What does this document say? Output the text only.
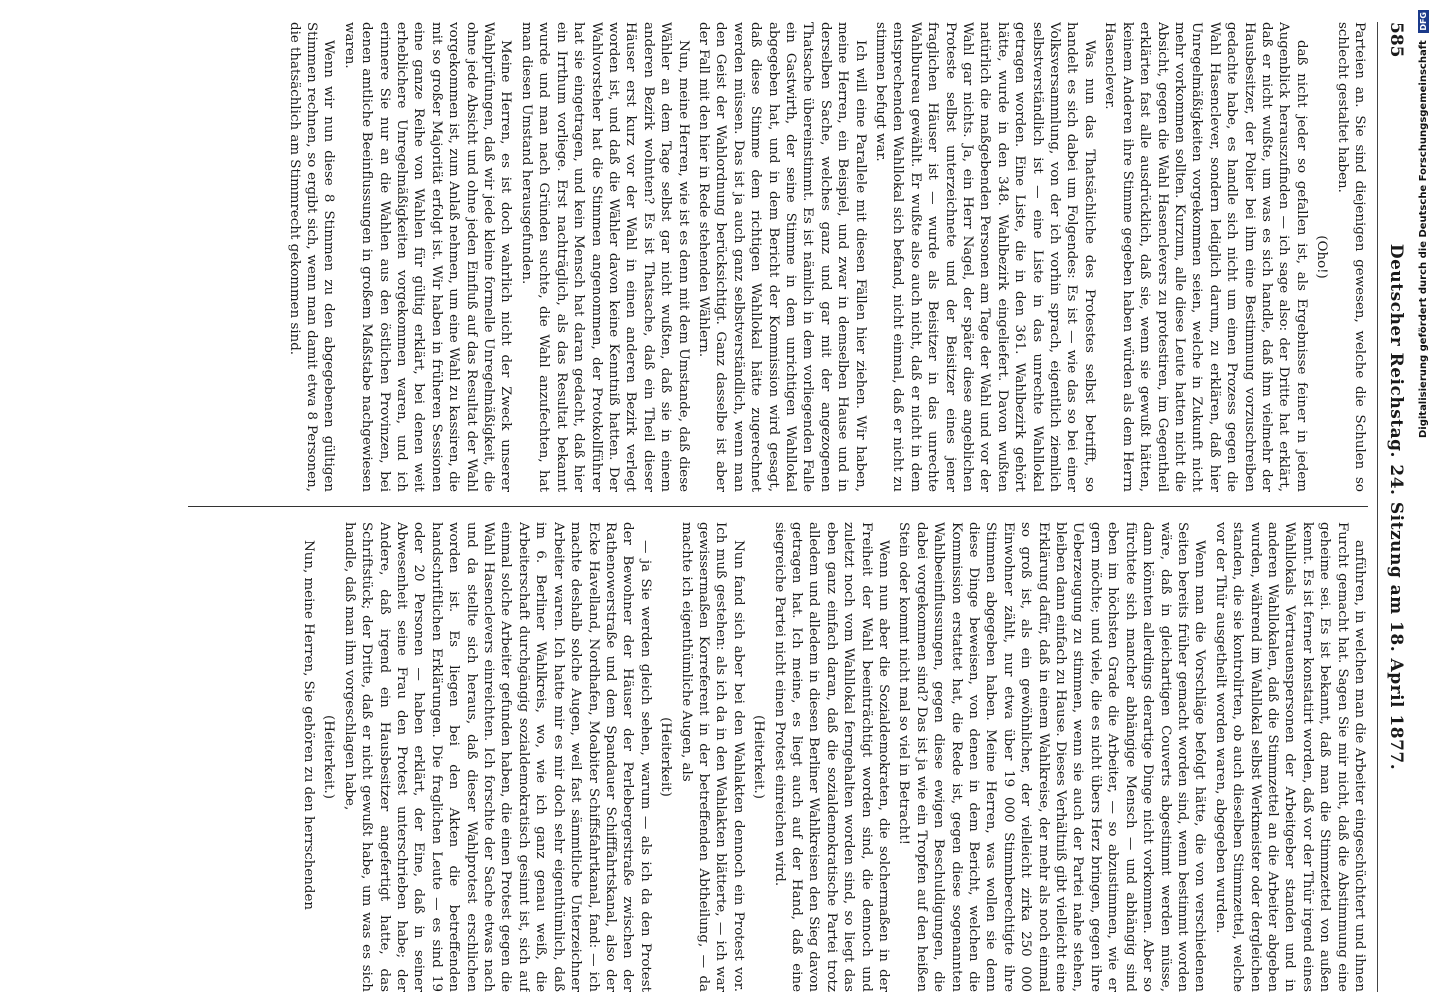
Deutscher Reichstag. 24. Sitzung am 18. April 1877.
585

Parteien an. Sie sind diejenigen gewesen, welche die Schulen so schlecht gestaltet haben.

(Oho!)

daß nicht jeder so gefallen ist, als Ergebnisse feiner in jedem Augenblick herauszufinden — ich sage also: der Dritte hat erklärt, daß er nicht wußte, um was es sich handle, daß ihm vielmehr der Hausbesitzer, der Polier bei ihm eine Bestimmung vorzuschreiben gedachte habe, es handle sich nicht um einen Prozess gegen die Wahl Hasenclever, sondern lediglich darum, zu erklären, daß hier Unregelmäßigkeiten vorgekommen seien, welche in Zukunft nicht mehr vorkommen sollten. Kurzum, alle diese Leute hatten nicht die Absicht, gegen die Wahl Hasenclevers zu protestiren, im Gegentheil erklärten fast alle ausdrücklich, daß sie, wenn sie gewußt hätten, keinem Anderen ihre Stimme gegeben haben würden als dem Herrn Hasenclever.

Was nun das Thatsächliche des Protestes selbst betrifft, so handelt es sich dabei um Folgendes: Es ist — wie das so bei einer Volksversammlung, von der ich vorhin sprach, eigentlich ziemlich selbstverständlich ist — eine Liste in das unrechte Wahllokal getragen worden. Eine Liste, die in den 361. Wahlbezirk gehört hätte, wurde in den 348. Wahlbezirk eingeliefert. Davon wußten natürlich die maßgebenden Personen am Tage der Wahl und vor der Wahl gar nichts. Ja, ein Herr Nagel, der später diese angeblichen Proteste selbst unterzeichnete und der Beisitzer eines jener fraglichen Häuser ist — wurde als Beisitzer in das unrechte Wahlbureau gewählt. Er wußte also auch nicht, daß er nicht in dem entsprechenden Wahllokal sich befand, nicht einmal, daß er nicht zu stimmen befugt war.

Ich will eine Parallele mit diesen Fällen hier ziehen. Wir haben, meine Herren, ein Beispiel, und zwar in demselben Hause und in derselben Sache, welches ganz und gar mit der angezogenen Thatsache übereinstimmt. Es ist nämlich in dem vorliegenden Falle ein Gastwirth, der seine Stimme in dem unrichtigen Wahllokal abgegeben hat, und in dem Bericht der Kommission wird gesagt, daß diese Stimme dem richtigen Wahllokal hätte zugerechnet werden müssen. Das ist ja auch ganz selbstverständlich, wenn man den Geist der Wahlordnung berücksichtigt. Ganz dasselbe ist aber der Fall mit den hier in Rede stehenden Wählern.

Nun, meine Herren, wie ist es denn mit dem Umstande, daß diese Wähler an dem Tage selbst gar nicht wußten, daß sie in einem anderen Bezirk wohnten? Es ist Thatsache, daß ein Theil dieser Häuser erst kurz vor der Wahl in einen anderen Bezirk verlegt worden ist, und daß die Wähler davon keine Kenntniß hatten. Der Wahlvorsteher hat die Stimmen angenommen, der Protokollführer hat sie eingetragen, und kein Mensch hat daran gedacht, daß hier ein Irrthum vorliege. Erst nachträglich, als das Resultat bekannt wurde und man nach Gründen suchte, die Wahl anzufechten, hat man diesen Umstand herausgefunden.

Meine Herren, es ist doch wahrlich nicht der Zweck unserer Wahlprüfungen, daß wir jede kleine formelle Unregelmäßigkeit, die ohne jede Absicht und ohne jeden Einfluß auf das Resultat der Wahl vorgekommen ist, zum Anlaß nehmen, um eine Wahl zu kassiren, die mit so großer Majorität erfolgt ist. Wir haben in früheren Sessionen eine ganze Reihe von Wahlen für gültig erklärt, bei denen weit erheblichere Unregelmäßigkeiten vorgekommen waren, und ich erinnere Sie nur an die Wahlen aus den östlichen Provinzen, bei denen amtliche Beeinflussungen in großem Maßstabe nachgewiesen waren.

Wenn wir nun diese 8 Stimmen zu den abgegebenen gültigen Stimmen rechnen, so ergibt sich, wenn man damit etwa 8 Personen, die thatsächlich am Stimmrecht gekommen sind.

anführen, in welchen man die Arbeiter eingeschüchtert und ihnen Furcht gemacht hat. Sagen Sie mir nicht, daß die Abstimmung eine geheime sei. Es ist bekannt, daß man die Stimmzettel von außen kennt. Es ist ferner konstatirt worden, daß vor der Thür irgend eines Wahllokals Vertrauenspersonen der Arbeitgeber standen und in anderen Wahllokalen, daß die Stimmzettel an die Arbeiter abgeben wurden, während im Wahllokal selbst Werkmeister oder dergleichen standen, die sie kontrolirten, ob auch dieselben Stimmzettel, welche vor der Thür ausgetheilt worden waren, abgegeben wurden.

Wenn man die Vorschläge befolgt hätte, die von verschiedenen Seiten bereits früher gemacht worden sind, wenn bestimmt worden wäre, daß in gleichartigen Couverts abgestimmt werden müsse, dann könnten allerdings derartige Dinge nicht vorkommen. Aber so fürchtete sich mancher abhängige Mensch — und abhängig sind eben im höchsten Grade die Arbeiter, — so abzustimmen, wie er gern möchte; und viele, die es nicht übers Herz bringen, gegen ihre Ueberzeugung zu stimmen, wenn sie auch der Partei nahe stehen, bleiben dann einfach zu Hause. Dieses Verhältniß gibt vielleicht eine Erklärung dafür, daß in einem Wahlkreise, der mehr als noch einmal so groß ist, als ein gewöhnlicher, der vielleicht zirka 250 000 Einwohner zählt, nur etwa über 19 000 Stimmberechtigte ihre Stimmen abgegeben haben. Meine Herren, was wollen sie denn diese Dinge beweisen, von denen in dem Bericht, welchen die Kommission erstattet hat, die Rede ist, gegen diese sogenannten Wahlbeeinflussungen, gegen diese ewigen Beschuldigungen, die dabei vorgekommen sind? Das ist ja wie ein Tropfen auf den heißen Stein oder kommt nicht mal so viel in Betracht!

Wenn nun aber die Sozialdemokraten, die solchermaßen in der Freiheit der Wahl beeinträchtigt worden sind, die dennoch und zuletzt noch vom Wahllokal ferngehalten worden sind, so liegt das eben ganz einfach daran, daß die sozialdemokratische Partei trotz alledem und alledem in diesen Berliner Wahlkreisen den Sieg davon getragen hat. Ich meine, es liegt auch auf der Hand, daß eine siegreiche Partei nicht einen Protest einreichen wird.

(Heiterkeit.)

Nun fand sich aber bei den Wahlakten dennoch ein Protest vor. Ich muß gestehen: als ich da in den Wahlakten blätterte, — ich war gewissermaßen Korreferent in der betreffenden Abtheilung, — da machte ich eigenthümliche Augen, als

(Heiterkeit)

— ja Sie werden gleich sehen, warum — als ich da den Protest der Bewohner der Häuser der Perlebergerstraße zwischen der Rathenowerstraße und dem Spandauer Schifffahrtskanal, also der Ecke Havelland, Nordhafen, Moabiter Schiffsfahrtkanal, fand: — ich machte deshalb solche Augen, weil fast sämmtliche Unterzeichner Arbeiter waren. Ich hatte mir es mir doch sehr eigenthümlich, daß im 6. Berliner Wahlkreis, wo, wie ich ganz genau weiß, die Arbeiterschaft durchgängig sozialdemokratisch gesinnt ist, sich auf einmal solche Arbeiter gefunden haben, die einen Protest gegen die Wahl Hasenclevers einreichten. Ich forschte der Sache etwas nach und da stellte sich heraus, daß dieser Wahlprotest erschlichen worden ist. Es liegen bei den Akten die betreffenden handschriftlichen Erklärungen. Die fraglichen Leute — es sind 19 oder 20 Personen — haben erklärt, der Eine, daß in seiner Abwesenheit seine Frau den Protest unterschrieben habe; der Andere, daß irgend ein Hausbesitzer angefertigt hatte, das Schriftstück; der Dritte, daß er nicht gewußt habe, um was es sich handle, daß man ihm vorgeschlagen habe,

(Heiterkeit.)

Nun, meine Herren, Sie gehören zu den herrschenden

Digitalisierung gefördert durch die Deutsche Forschungsgemeinschaft DFG
